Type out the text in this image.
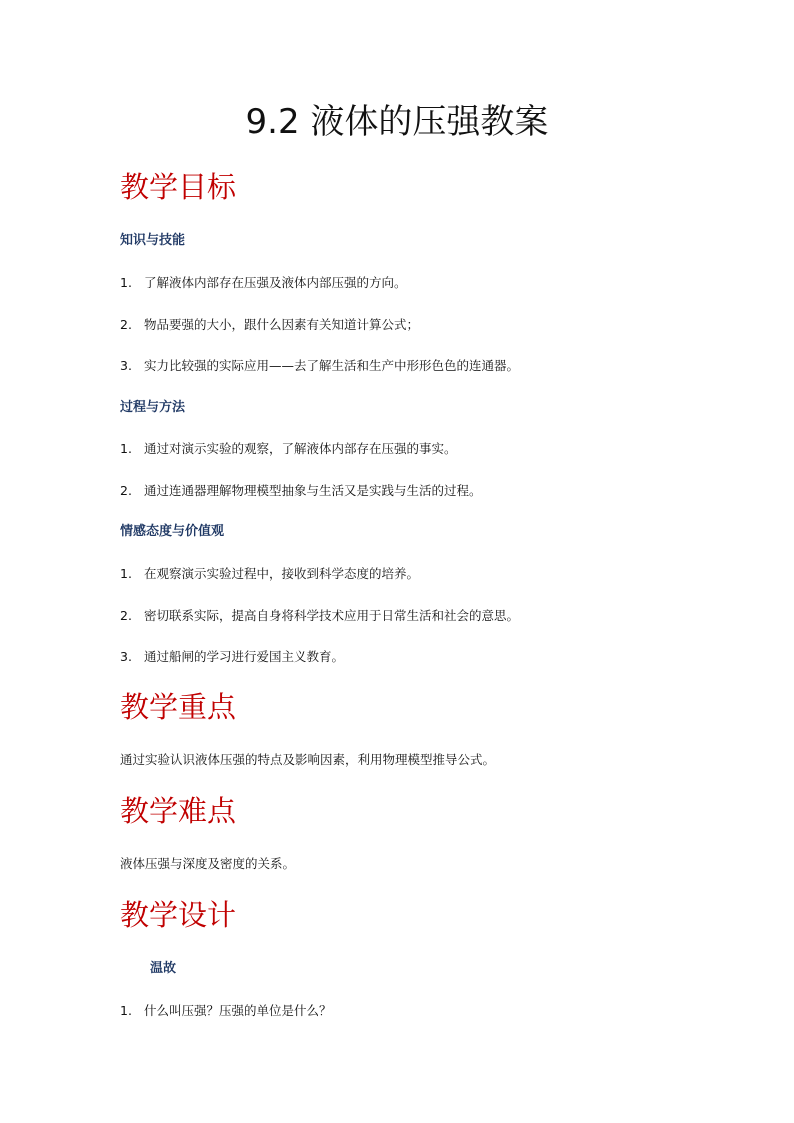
9.2 液体的压强教案
教学目标
知识与技能
1. 了解液体内部存在压强及液体内部压强的方向。
2. 物品要强的大小，跟什么因素有关知道计算公式；
3. 实力比较强的实际应用——去了解生活和生产中形形色色的连通器。
过程与方法
1. 通过对演示实验的观察，了解液体内部存在压强的事实。
2. 通过连通器理解物理模型抽象与生活又是实践与生活的过程。
情感态度与价值观
1. 在观察演示实验过程中，接收到科学态度的培养。
2. 密切联系实际，提高自身将科学技术应用于日常生活和社会的意思。
3. 通过船闸的学习进行爱国主义教育。
教学重点
通过实验认识液体压强的特点及影响因素，利用物理模型推导公式。
教学难点
液体压强与深度及密度的关系。
教学设计
温故
1. 什么叫压强？压强的单位是什么？
